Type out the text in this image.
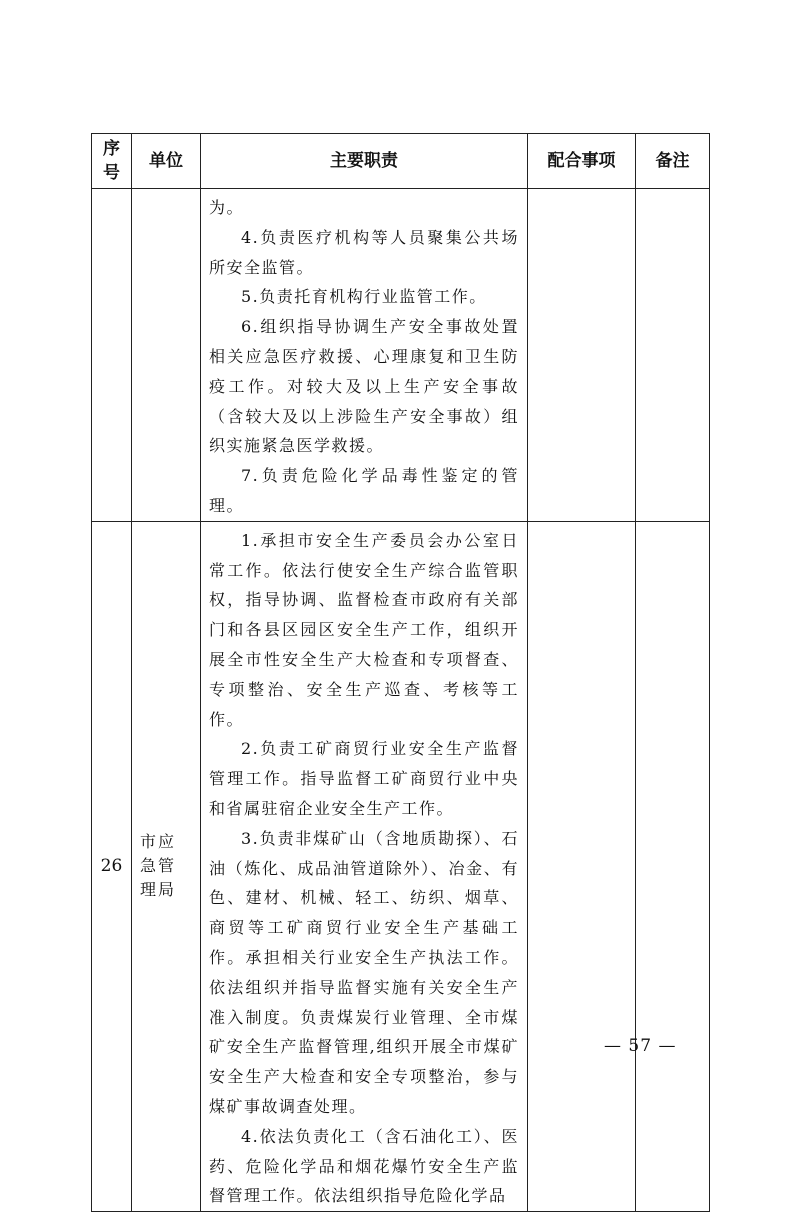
序号	单位	主要职责	配合事项	备注

		为。

4.负责医疗机构等人员聚集公共场所安全监管。

5.负责托育机构行业监管工作。

6.组织指导协调生产安全事故处置相关应急医疗救援、心理康复和卫生防疫工作。对较大及以上生产安全事故（含较大及以上涉险生产安全事故）组织实施紧急医学救援。

7.负责危险化学品毒性鉴定的管理。		

26	市应急管理局	1.承担市安全生产委员会办公室日常工作。依法行使安全生产综合监管职权，指导协调、监督检查市政府有关部门和各县区园区安全生产工作，组织开展全市性安全生产大检查和专项督查、专项整治、安全生产巡查、考核等工作。

2.负责工矿商贸行业安全生产监督管理工作。指导监督工矿商贸行业中央和省属驻宿企业安全生产工作。

3.负责非煤矿山（含地质勘探）、石油（炼化、成品油管道除外）、冶金、有色、建材、机械、轻工、纺织、烟草、商贸等工矿商贸行业安全生产基础工作。承担相关行业安全生产执法工作。依法组织并指导监督实施有关安全生产准入制度。负责煤炭行业管理、全市煤矿安全生产监督管理,组织开展全市煤矿安全生产大检查和安全专项整治，参与煤矿事故调查处理。

4.依法负责化工（含石油化工）、医药、危险化学品和烟花爆竹安全生产监督管理工作。依法组织指导危险化学品		

— 57 —
